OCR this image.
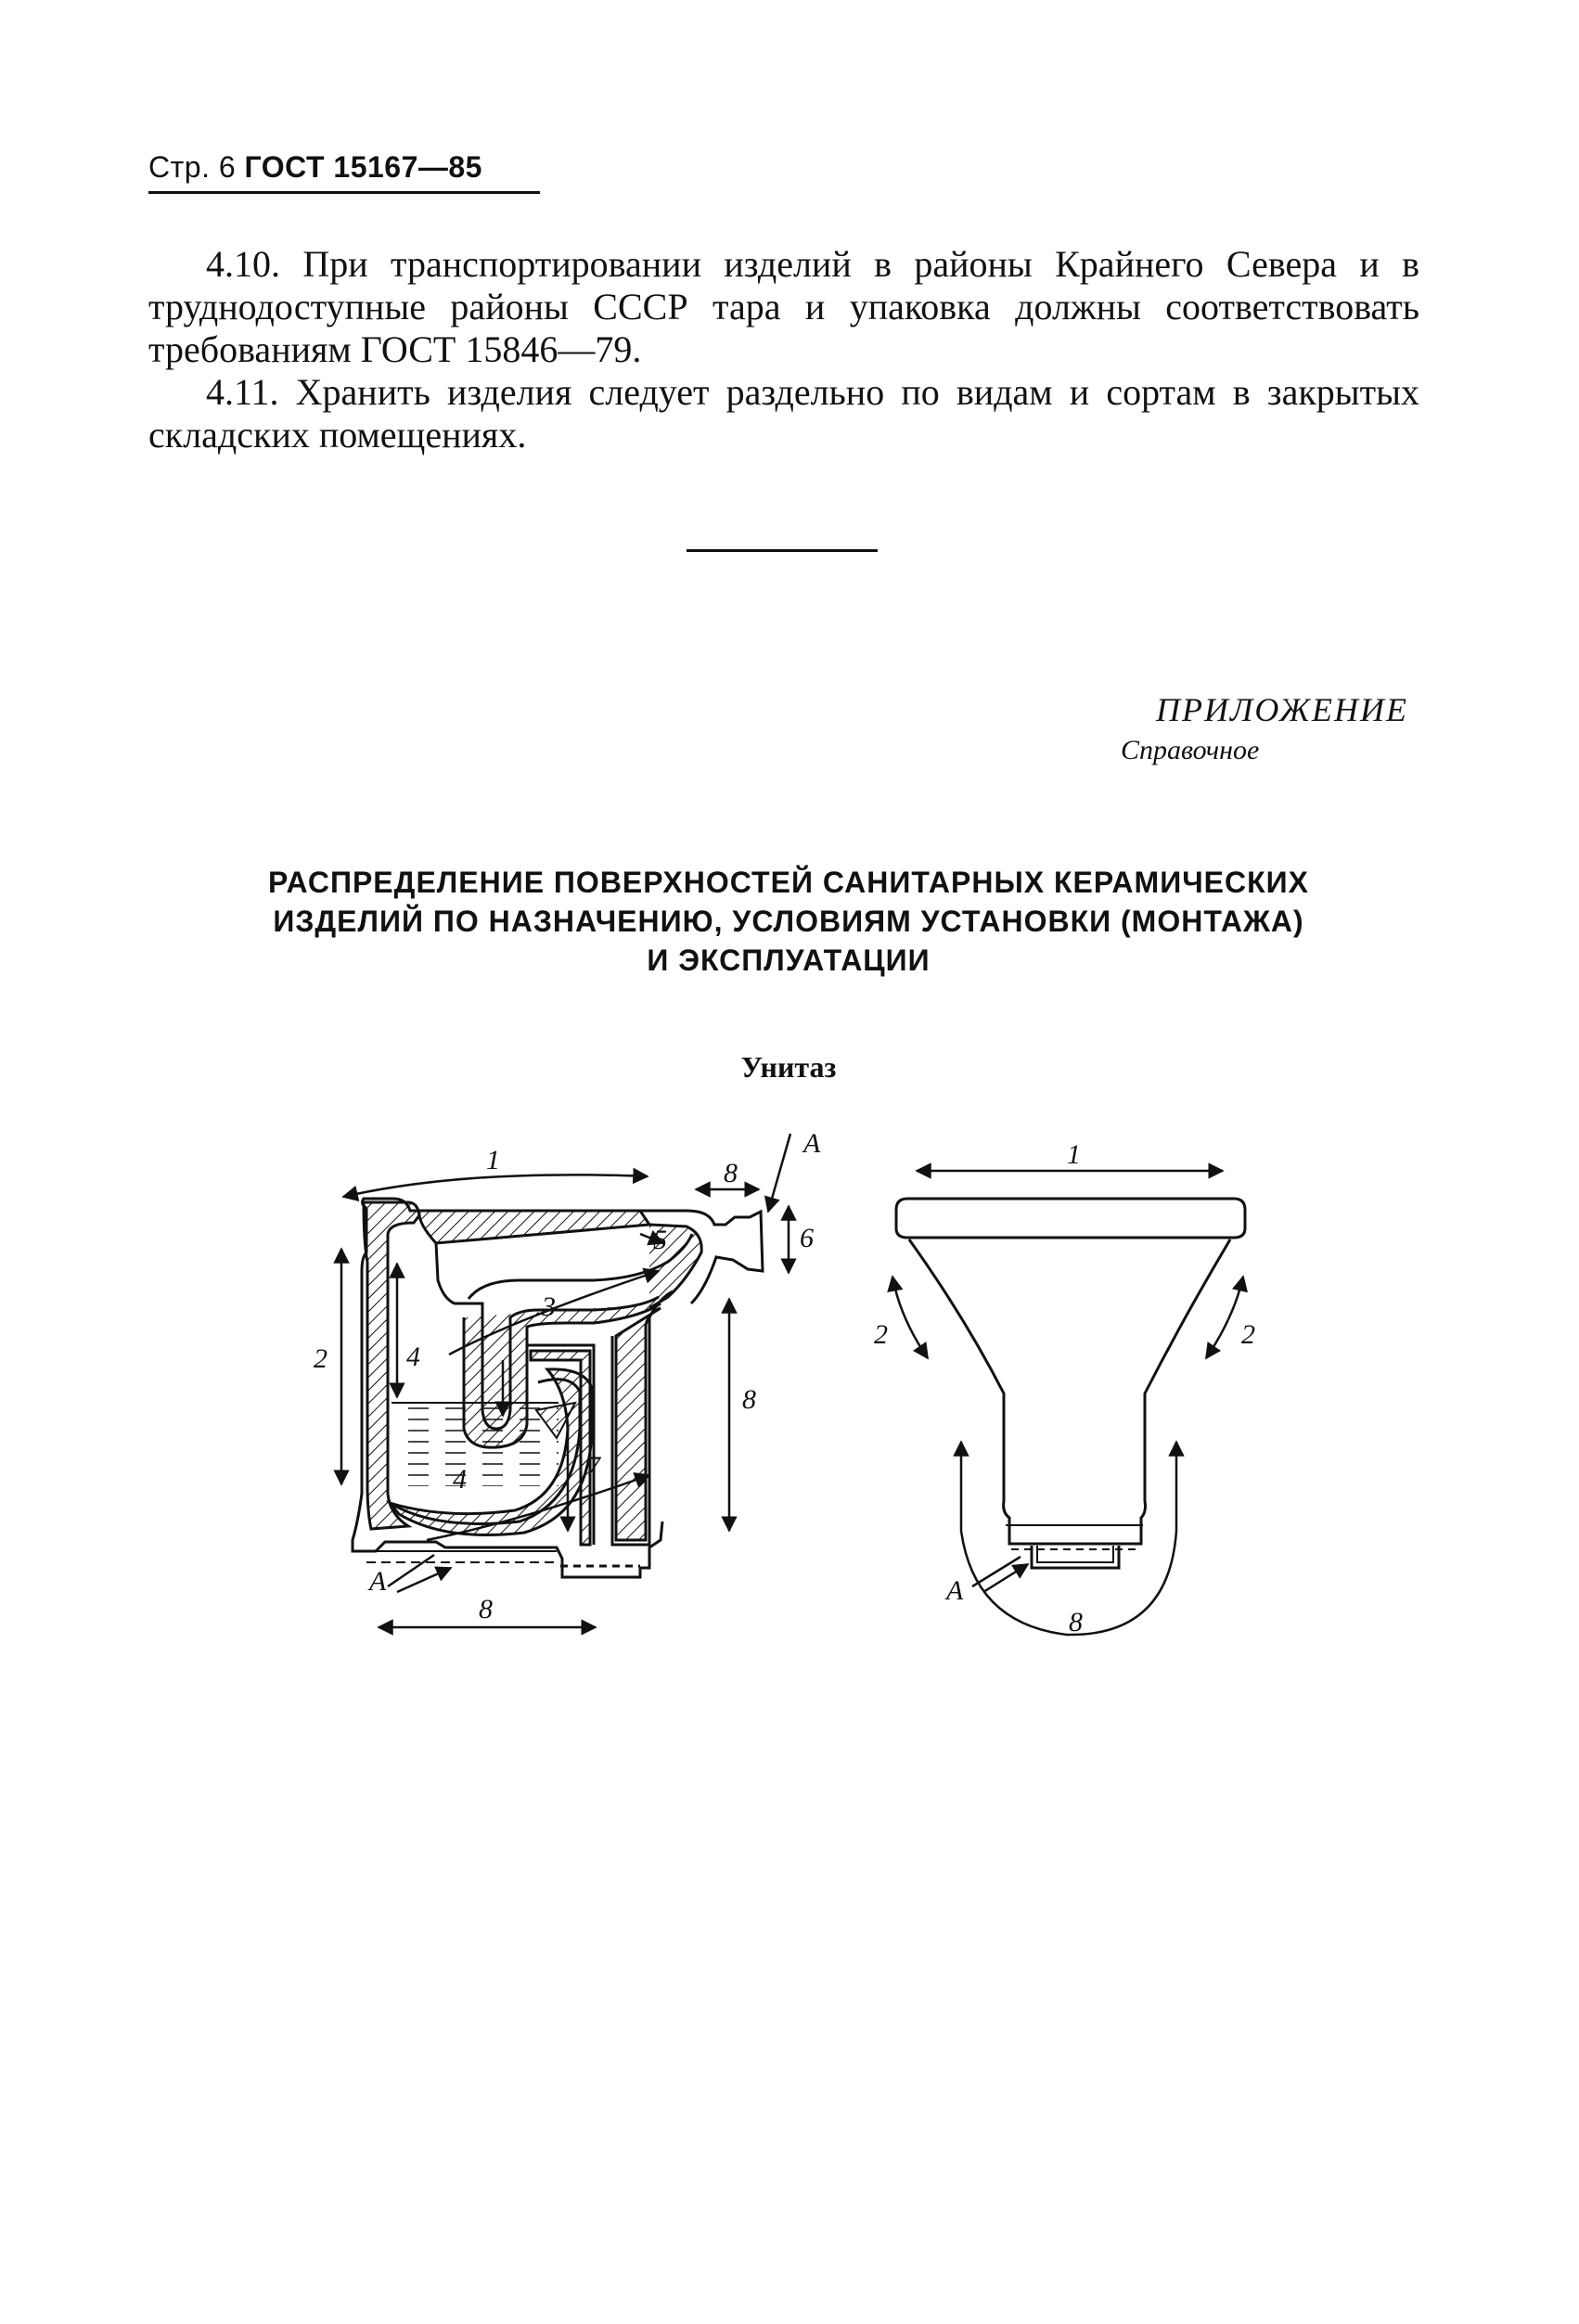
Стр. 6 ГОСТ 15167—85
4.10. При транспортировании изделий в районы Крайнего Севера и в труднодоступные районы СССР тара и упаковка должны соответствовать требованиям ГОСТ 15846—79.
4.11. Хранить изделия следует раздельно по видам и сортам в закрытых складских помещениях.
ПРИЛОЖЕНИЕ
Справочное
РАСПРЕДЕЛЕНИЕ ПОВЕРХНОСТЕЙ САНИТАРНЫХ КЕРАМИЧЕСКИХ
ИЗДЕЛИЙ ПО НАЗНАЧЕНИЮ, УСЛОВИЯМ УСТАНОВКИ (МОНТАЖА)
И ЭКСПЛУАТАЦИИ
Унитаз
1	8
A
6
5
3
2	4
8
7
4
A
8
1
2	2
A
8
